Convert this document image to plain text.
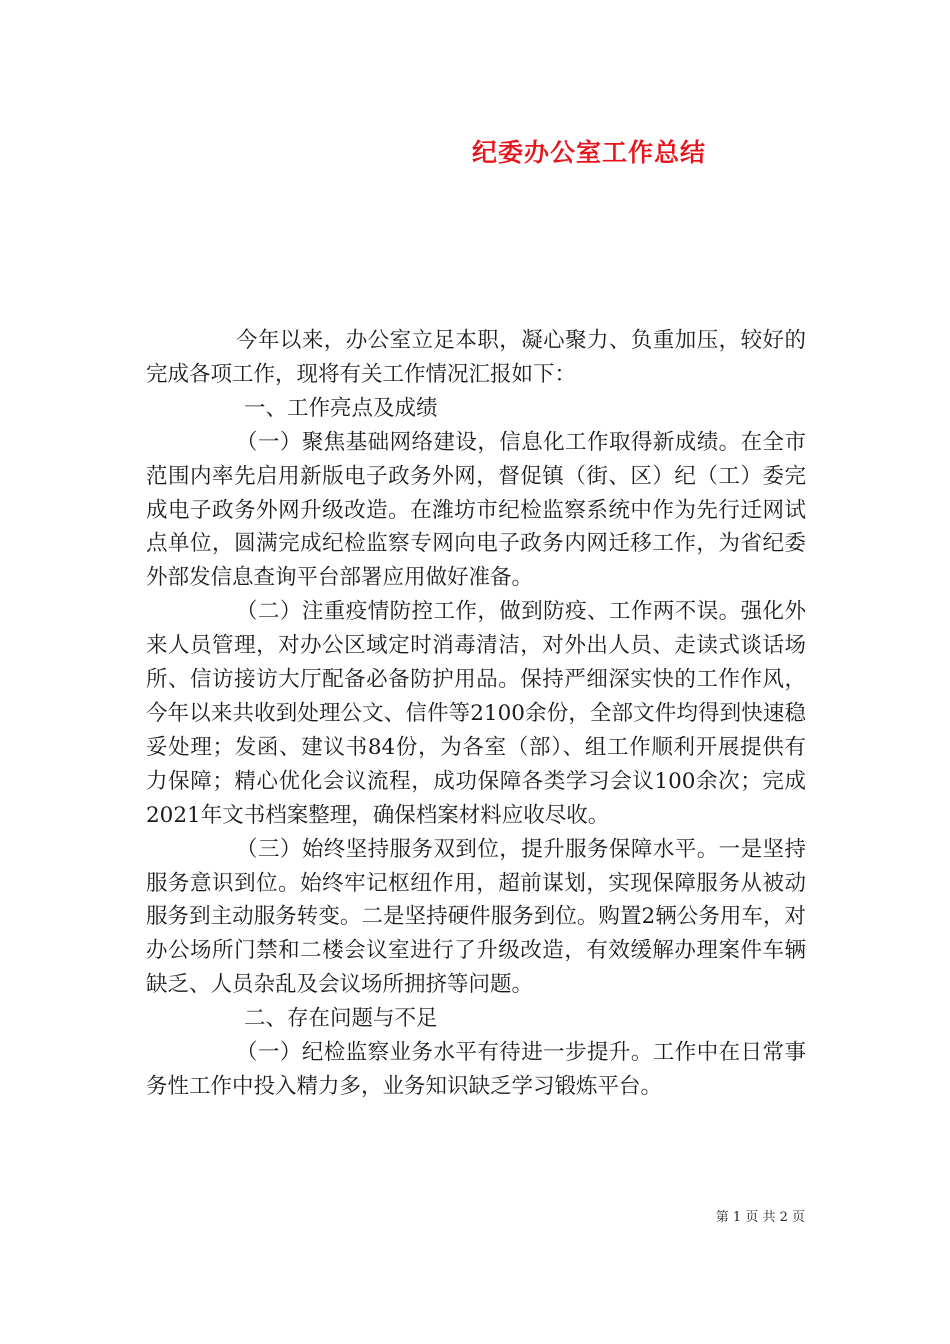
纪委办公室工作总结

今年以来，办公室立足本职，凝心聚力、负重加压，较好的完成各项工作，现将有关工作情况汇报如下：

一、工作亮点及成绩

（一）聚焦基础网络建设，信息化工作取得新成绩。在全市范围内率先启用新版电子政务外网，督促镇（街、区）纪（工）委完成电子政务外网升级改造。在潍坊市纪检监察系统中作为先行迁网试点单位，圆满完成纪检监察专网向电子政务内网迁移工作，为省纪委外部发信息查询平台部署应用做好准备。

（二）注重疫情防控工作，做到防疫、工作两不误。强化外来人员管理，对办公区域定时消毒清洁，对外出人员、走读式谈话场所、信访接访大厅配备必备防护用品。保持严细深实快的工作作风，今年以来共收到处理公文、信件等2100余份，全部文件均得到快速稳妥处理；发函、建议书84份，为各室（部）、组工作顺利开展提供有力保障；精心优化会议流程，成功保障各类学习会议100余次；完成2021年文书档案整理，确保档案材料应收尽收。

（三）始终坚持服务双到位，提升服务保障水平。一是坚持服务意识到位。始终牢记枢纽作用，超前谋划，实现保障服务从被动服务到主动服务转变。二是坚持硬件服务到位。购置2辆公务用车，对办公场所门禁和二楼会议室进行了升级改造，有效缓解办理案件车辆缺乏、人员杂乱及会议场所拥挤等问题。

二、存在问题与不足

（一）纪检监察业务水平有待进一步提升。工作中在日常事务性工作中投入精力多，业务知识缺乏学习锻炼平台。

第 1 页 共 2 页
